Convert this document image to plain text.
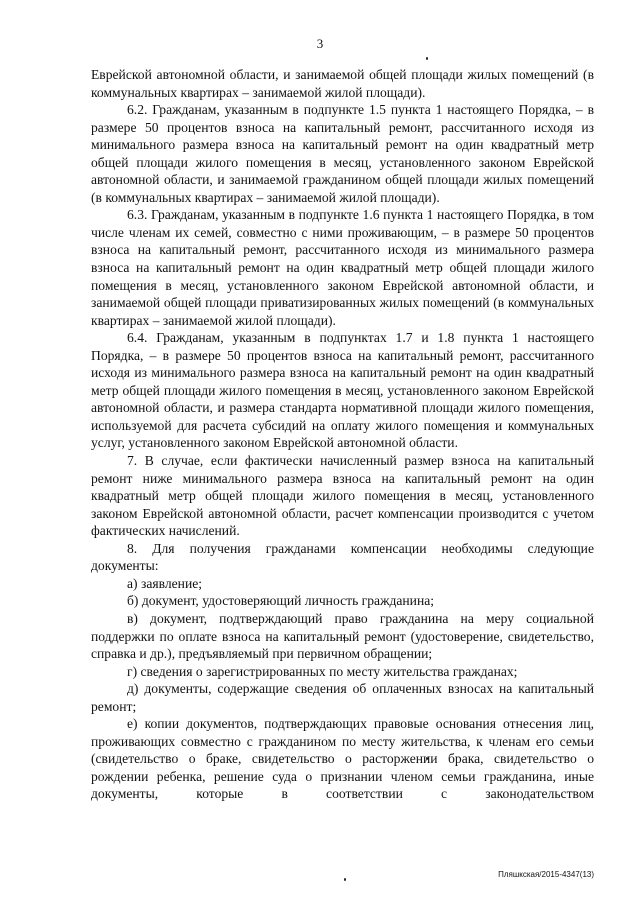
3

Еврейской автономной области, и занимаемой общей площади жилых помещений (в коммунальных квартирах – занимаемой жилой площади).

6.2. Гражданам, указанным в подпункте 1.5 пункта 1 настоящего Порядка, – в размере 50 процентов взноса на капитальный ремонт, рассчитанного исходя из минимального размера взноса на капитальный ремонт на один квадратный метр общей площади жилого помещения в месяц, установленного законом Еврейской автономной области, и занимаемой гражданином общей площади жилых помещений (в коммунальных квартирах – занимаемой жилой площади).

6.3. Гражданам, указанным в подпункте 1.6 пункта 1 настоящего Порядка, в том числе членам их семей, совместно с ними проживающим, – в размере 50 процентов взноса на капитальный ремонт, рассчитанного исходя из минимального размера взноса на капитальный ремонт на один квадратный метр общей площади жилого помещения в месяц, установленного законом Еврейской автономной области, и занимаемой общей площади приватизированных жилых помещений (в коммунальных квартирах – занимаемой жилой площади).

6.4. Гражданам, указанным в подпунктах 1.7 и 1.8 пункта 1 настоящего Порядка, – в размере 50 процентов взноса на капитальный ремонт, рассчитанного исходя из минимального размера взноса на капитальный ремонт на один квадратный метр общей площади жилого помещения в месяц, установленного законом Еврейской автономной области, и размера стандарта нормативной площади жилого помещения, используемой для расчета субсидий на оплату жилого помещения и коммунальных услуг, установленного законом Еврейской автономной области.

7. В случае, если фактически начисленный размер взноса на капитальный ремонт ниже минимального размера взноса на капитальный ремонт на один квадратный метр общей площади жилого помещения в месяц, установленного законом Еврейской автономной области, расчет компенсации производится с учетом фактических начислений.

8. Для получения гражданами компенсации необходимы следующие документы:

а) заявление;

б) документ, удостоверяющий личность гражданина;

в) документ, подтверждающий право гражданина на меру социальной поддержки по оплате взноса на капитальный ремонт (удостоверение, свидетельство, справка и др.), предъявляемый при первичном обращении;

г) сведения о зарегистрированных по месту жительства гражданах;

д) документы, содержащие сведения об оплаченных взносах на капитальный ремонт;

е) копии документов, подтверждающих правовые основания отнесения лиц, проживающих совместно с гражданином по месту жительства, к членам его семьи (свидетельство о браке, свидетельство о расторжении брака, свидетельство о рождении ребенка, решение суда о признании членом семьи гражданина, иные документы, которые в соответствии с законодательством

Пляшкская/2015-4347(13)
